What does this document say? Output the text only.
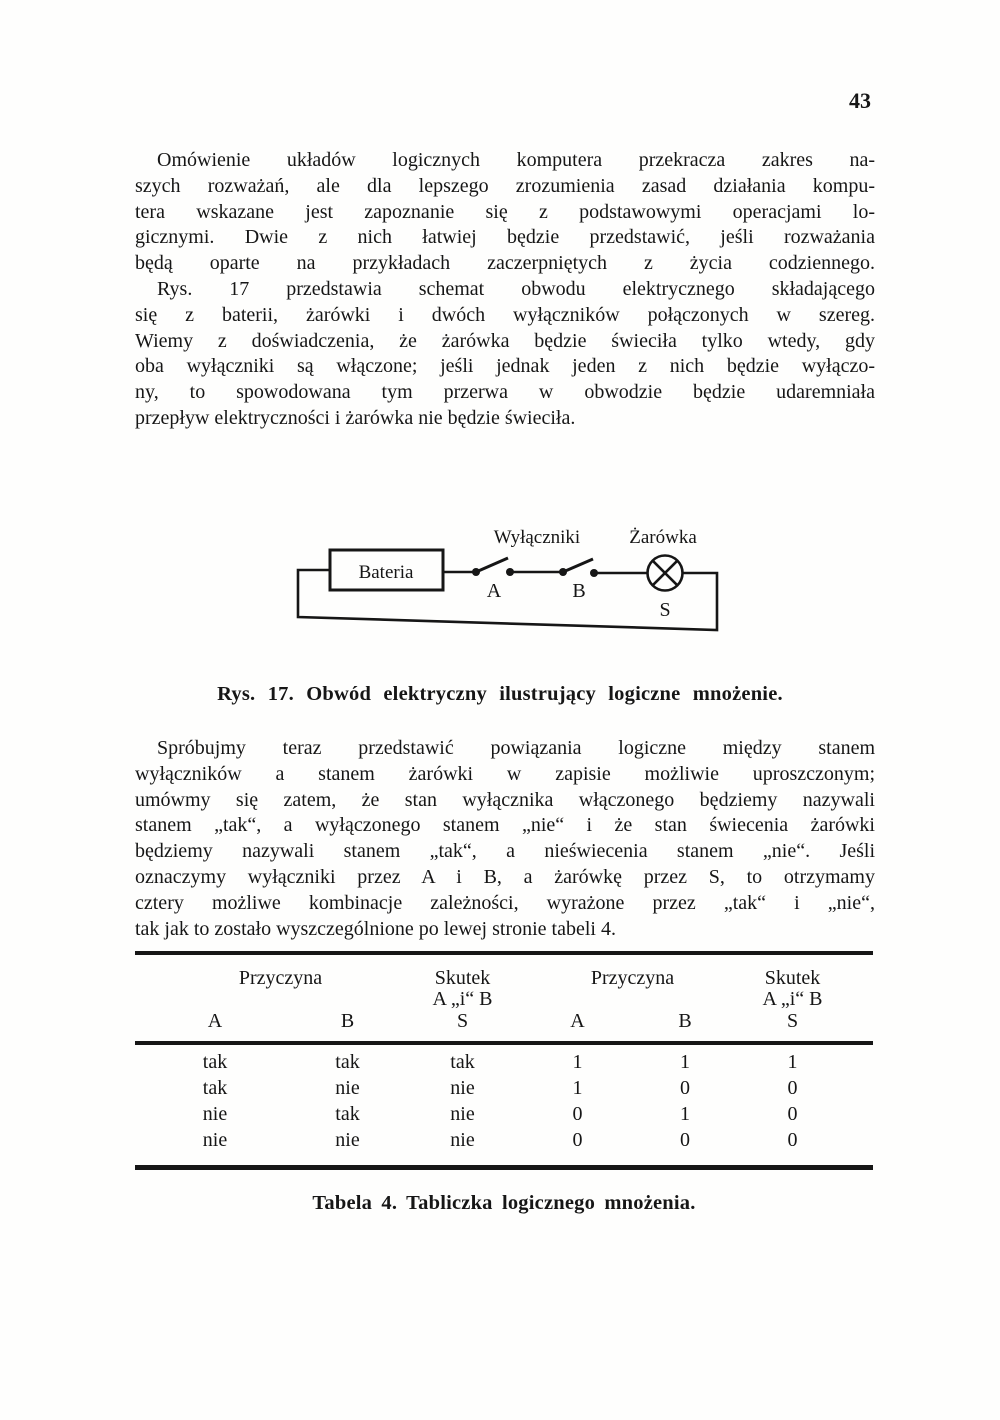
43
Omówienie układów logicznych komputera przekracza zakres na-
szych rozważań, ale dla lepszego zrozumienia zasad działania kompu-
tera wskazane jest zapoznanie się z podstawowymi operacjami lo-
gicznymi. Dwie z nich łatwiej będzie przedstawić, jeśli rozważania
będą oparte na przykładach zaczerpniętych z życia codziennego.
Rys. 17 przedstawia schemat obwodu elektrycznego składającego
się z baterii, żarówki i dwóch wyłączników połączonych w szereg.
Wiemy z doświadczenia, że żarówka będzie świeciła tylko wtedy, gdy
oba wyłączniki są włączone; jeśli jednak jeden z nich będzie wyłączo-
ny, to spowodowana tym przerwa w obwodzie będzie udaremniała
przepływ elektryczności i żarówka nie będzie świeciła.
Wyłączniki	Żarówka
Bateria
A	B
S
Rys. 17. Obwód elektryczny ilustrujący logiczne mnożenie.
Spróbujmy teraz przedstawić powiązania logiczne między stanem
wyłączników a stanem żarówki w zapisie możliwie uproszczonym;
umówmy się zatem, że stan wyłącznika włączonego będziemy nazywali
stanem „tak“, a wyłączonego stanem „nie“ i że stan świecenia żarówki
będziemy nazywali stanem „tak“, a nieświecenia stanem „nie“. Jeśli
oznaczymy wyłączniki przez A i B, a żarówkę przez S, to otrzymamy
cztery możliwe kombinacje zależności, wyrażone przez „tak“ i „nie“,
tak jak to zostało wyszczególnione po lewej stronie tabeli 4.
Przyczyna		Skutek	Przyczyna		Skutek
		A „i“ B			A „i“ B
A	B	S	A	B	S
tak	tak	tak	1	1	1
tak	nie	nie	1	0	0
nie	tak	nie	0	1	0
nie	nie	nie	0	0	0
Tabela 4. Tabliczka logicznego mnożenia.
